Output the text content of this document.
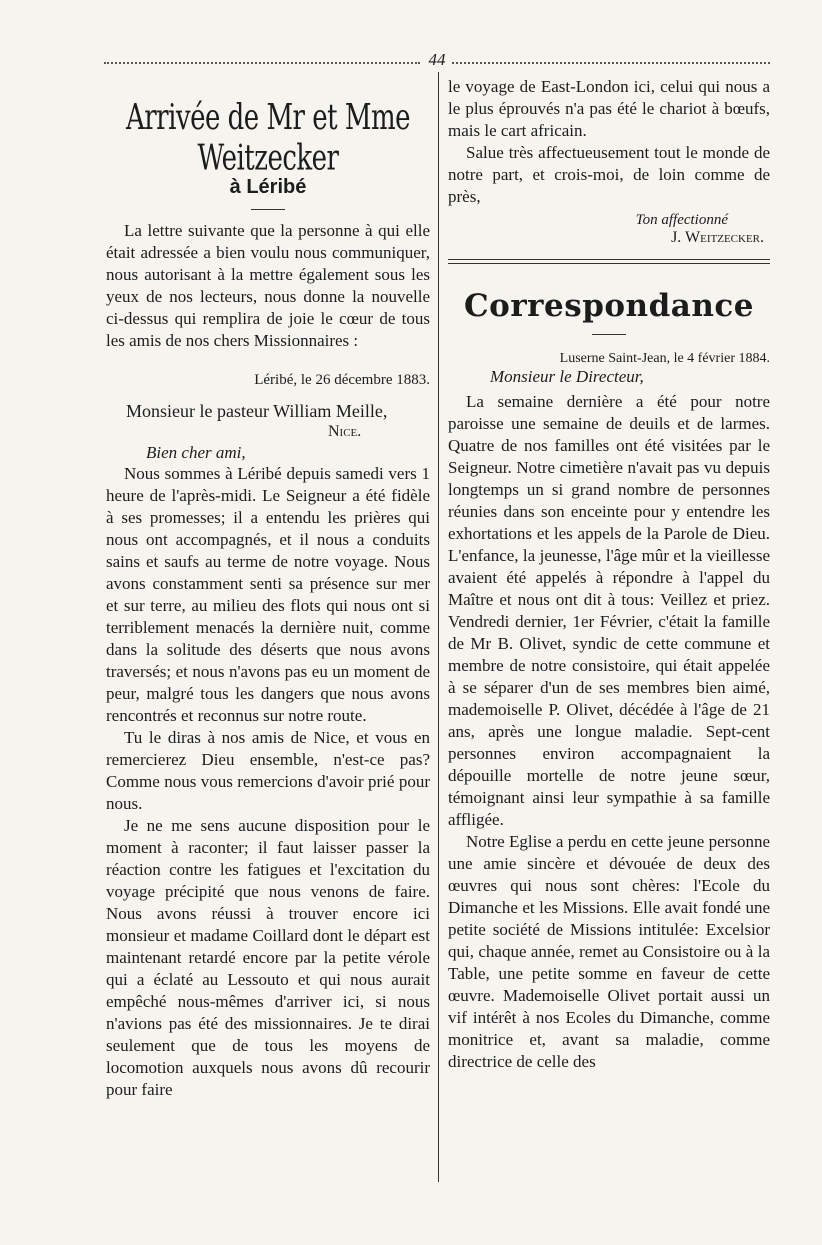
44
Arrivée de Mr et Mme Weitzecker
à Léribé

La lettre suivante que la personne à qui elle était adressée a bien voulu nous communiquer, nous autorisant à la mettre également sous les yeux de nos lecteurs, nous donne la nouvelle ci-dessus qui remplira de joie le cœur de tous les amis de nos chers Missionnaires :

Léribé, le 26 décembre 1883.
Monsieur le pasteur William Meille,
Nice.
Bien cher ami,

Nous sommes à Léribé depuis samedi vers 1 heure de l'après-midi. Le Seigneur a été fidèle à ses promesses; il a entendu les prières qui nous ont accompagnés, et il nous a conduits sains et saufs au terme de notre voyage. Nous avons constamment senti sa présence sur mer et sur terre, au milieu des flots qui nous ont si terriblement menacés la dernière nuit, comme dans la solitude des déserts que nous avons traversés; et nous n'avons pas eu un moment de peur, malgré tous les dangers que nous avons rencontrés et reconnus sur notre route.

Tu le diras à nos amis de Nice, et vous en remercierez Dieu ensemble, n'est-ce pas? Comme nous vous remercions d'avoir prié pour nous.

Je ne me sens aucune disposition pour le moment à raconter; il faut laisser passer la réaction contre les fatigues et l'excitation du voyage précipité que nous venons de faire. Nous avons réussi à trouver encore ici monsieur et madame Coillard dont le départ est maintenant retardé encore par la petite vérole qui a éclaté au Lessouto et qui nous aurait empêché nous-mêmes d'arriver ici, si nous n'avions pas été des missionnaires. Je te dirai seulement que de tous les moyens de locomotion auxquels nous avons dû recourir pour faire

le voyage de East-London ici, celui qui nous a le plus éprouvés n'a pas été le chariot à bœufs, mais le cart africain.

Salue très affectueusement tout le monde de notre part, et crois-moi, de loin comme de près,

Ton affectionné
J. Weitzecker.
Correspondance
Luserne Saint-Jean, le 4 février 1884.
Monsieur le Directeur,

La semaine dernière a été pour notre paroisse une semaine de deuils et de larmes. Quatre de nos familles ont été visitées par le Seigneur. Notre cimetière n'avait pas vu depuis longtemps un si grand nombre de personnes réunies dans son enceinte pour y entendre les exhortations et les appels de la Parole de Dieu. L'enfance, la jeunesse, l'âge mûr et la vieillesse avaient été appelés à répondre à l'appel du Maître et nous ont dit à tous: Veillez et priez. Vendredi dernier, 1er Février, c'était la famille de Mr B. Olivet, syndic de cette commune et membre de notre consistoire, qui était appelée à se séparer d'un de ses membres bien aimé, mademoiselle P. Olivet, décédée à l'âge de 21 ans, après une longue maladie. Sept-cent personnes environ accompagnaient la dépouille mortelle de notre jeune sœur, témoignant ainsi leur sympathie à sa famille affligée.

Notre Eglise a perdu en cette jeune personne une amie sincère et dévouée de deux des œuvres qui nous sont chères: l'Ecole du Dimanche et les Missions. Elle avait fondé une petite société de Missions intitulée: Excelsior qui, chaque année, remet au Consistoire ou à la Table, une petite somme en faveur de cette œuvre. Mademoiselle Olivet portait aussi un vif intérêt à nos Ecoles du Dimanche, comme monitrice et, avant sa maladie, comme directrice de celle des
